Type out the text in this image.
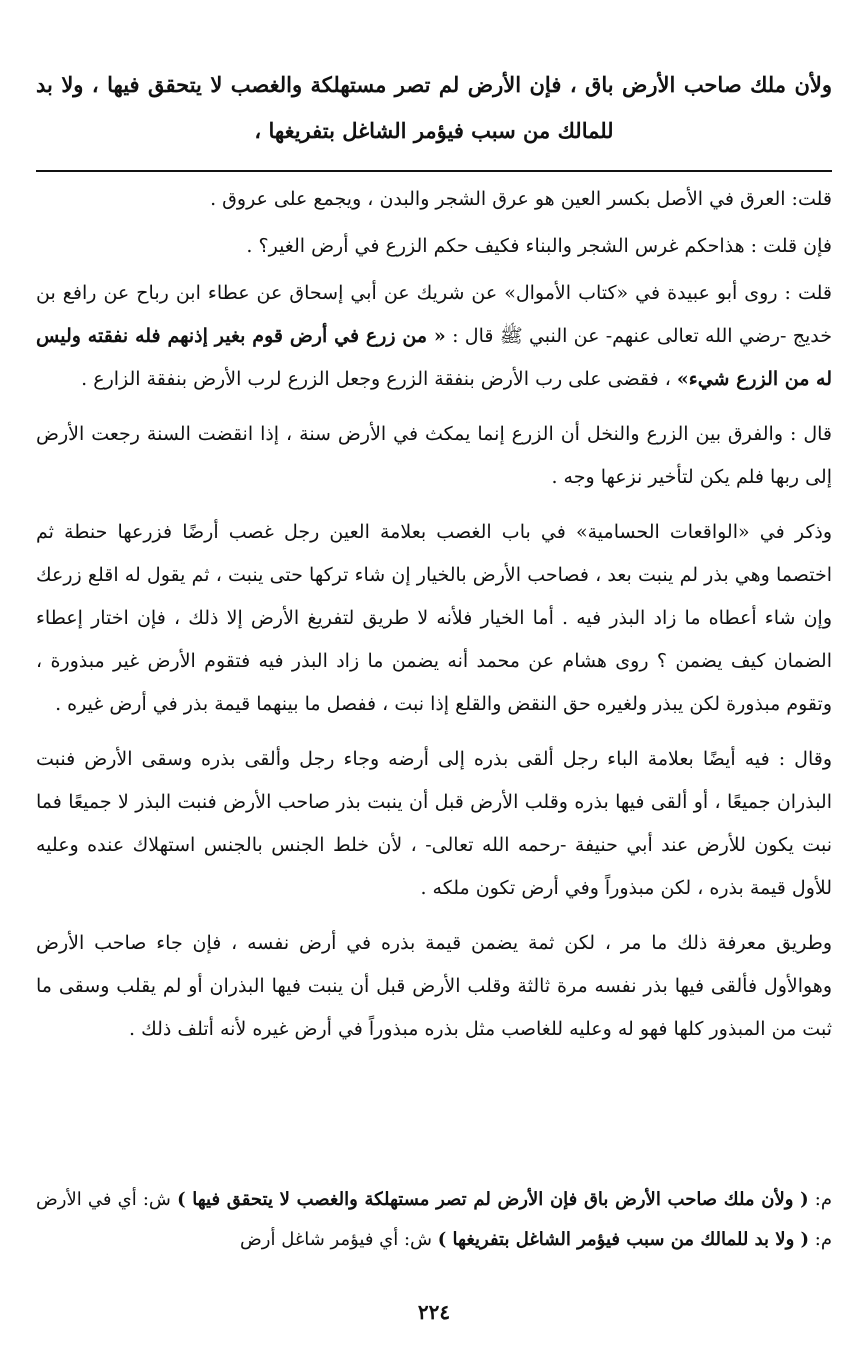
ولأن ملك صاحب الأرض باق ، فإن الأرض لم تصر مستهلكة والغصب لا يتحقق فيها ، ولا بد للمالك من سبب فيؤمر الشاغل بتفريغها ،

قلت: العرق في الأصل بكسر العين هو عرق الشجر والبدن ، ويجمع على عروق .

فإن قلت : هذاحكم غرس الشجر والبناء فكيف حكم الزرع في أرض الغير؟ .

قلت : روى أبو عبيدة في «كتاب الأموال» عن شريك عن أبي إسحاق عن عطاء ابن رباح عن رافع بن خديج -رضي الله تعالى عنهم- عن النبي ﷺ قال : « من زرع في أرض قوم بغير إذنهم فله نفقته وليس له من الزرع شيء» ، فقضى على رب الأرض بنفقة الزرع وجعل الزرع لرب الأرض بنفقة الزارع .

قال : والفرق بين الزرع والنخل أن الزرع إنما يمكث في الأرض سنة ، إذا انقضت السنة رجعت الأرض إلى ربها فلم يكن لتأخير نزعها وجه .

وذكر في «الواقعات الحسامية» في باب الغصب بعلامة العين رجل غصب أرضًا فزرعها حنطة ثم اختصما وهي بذر لم ينبت بعد ، فصاحب الأرض بالخيار إن شاء تركها حتى ينبت ، ثم يقول له اقلع زرعك وإن شاء أعطاه ما زاد البذر فيه . أما الخيار فلأنه لا طريق لتفريغ الأرض إلا ذلك ، فإن اختار إعطاء الضمان كيف يضمن ؟ روى هشام عن محمد أنه يضمن ما زاد البذر فيه فتقوم الأرض غير مبذورة ، وتقوم مبذورة لكن يبذر ولغيره حق النقض والقلع إذا نبت ، ففصل ما بينهما قيمة بذر في أرض غيره .

وقال : فيه أيضًا بعلامة الباء رجل ألقى بذره إلى أرضه وجاء رجل وألقى بذره وسقى الأرض فنبت البذران جميعًا ، أو ألقى فيها بذره وقلب الأرض قبل أن ينبت بذر صاحب الأرض فنبت البذر لا جميعًا فما نبت يكون للأرض عند أبي حنيفة -رحمه الله تعالى- ، لأن خلط الجنس بالجنس استهلاك عنده وعليه للأول قيمة بذره ، لكن مبذوراً وفي أرض تكون ملكه .

وطريق معرفة ذلك ما مر ، لكن ثمة يضمن قيمة بذره في أرض نفسه ، فإن جاء صاحب الأرض وهوالأول فألقى فيها بذر نفسه مرة ثالثة وقلب الأرض قبل أن ينبت فيها البذران أو لم يقلب وسقى ما ثبت من المبذور كلها فهو له وعليه للغاصب مثل بذره مبذوراً في أرض غيره لأنه أتلف ذلك .

م: ( ولأن ملك صاحب الأرض باق فإن الأرض لم تصر مستهلكة والغصب لا يتحقق فيها ) ش: أي في الأرض م: ( ولا بد للمالك من سبب فيؤمر الشاغل بتفريغها ) ش: أي فيؤمر شاغل أرض

٢٢٤
